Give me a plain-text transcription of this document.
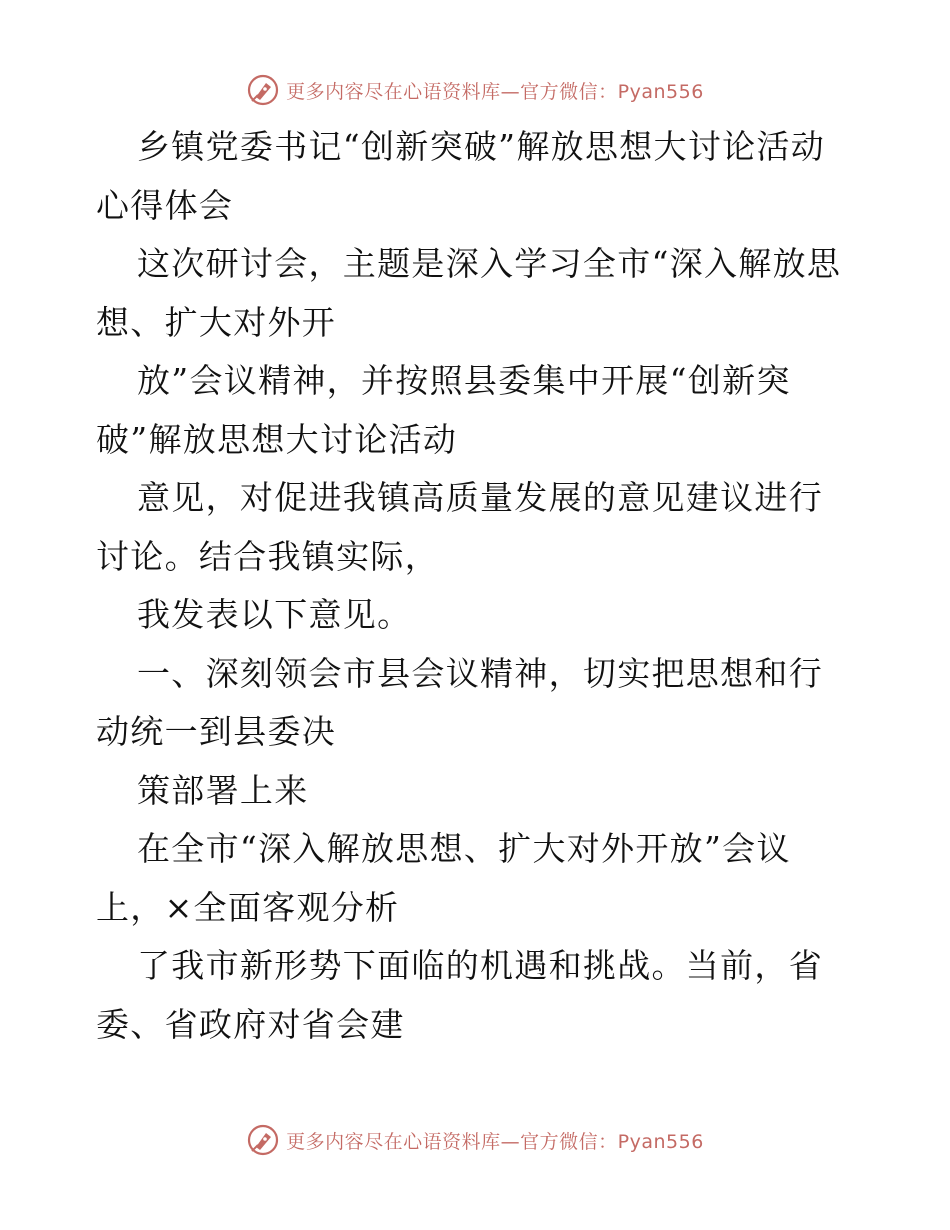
更多内容尽在心语资料库—官方微信：Pyan556

乡镇党委书记“创新突破”解放思想大讨论活动心得体会

这次研讨会，主题是深入学习全市“深入解放思想、扩大对外开

放”会议精神，并按照县委集中开展“创新突破”解放思想大讨论活动

意见，对促进我镇高质量发展的意见建议进行讨论。结合我镇实际，

我发表以下意见。

一、深刻领会市县会议精神，切实把思想和行动统一到县委决

策部署上来

在全市“深入解放思想、扩大对外开放”会议上，×全面客观分析

了我市新形势下面临的机遇和挑战。当前，省委、省政府对省会建

更多内容尽在心语资料库—官方微信：Pyan556
